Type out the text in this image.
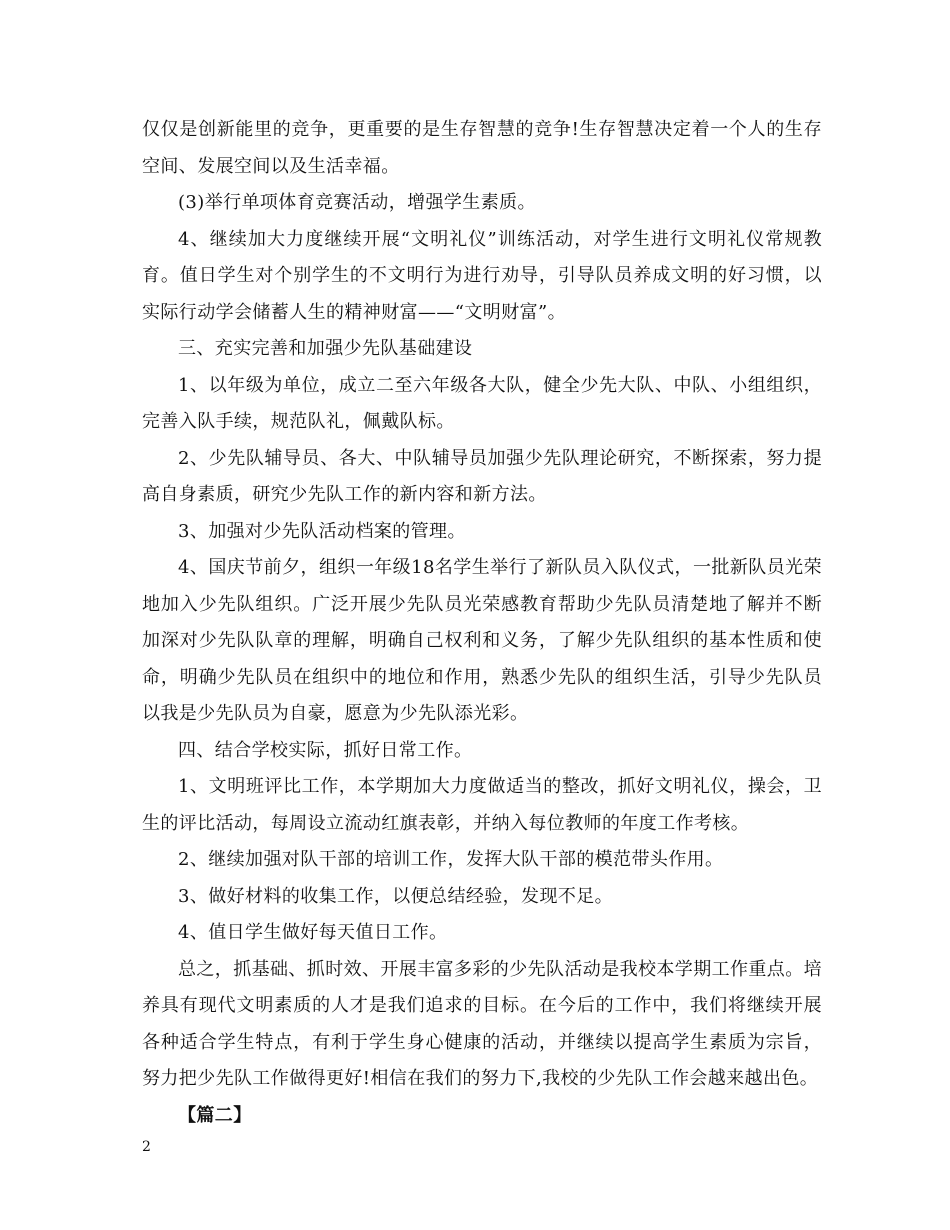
仅仅是创新能里的竞争，更重要的是生存智慧的竞争!生存智慧决定着一个人的生存空间、发展空间以及生活幸福。

(3)举行单项体育竞赛活动，增强学生素质。

4、继续加大力度继续开展“文明礼仪”训练活动，对学生进行文明礼仪常规教育。值日学生对个别学生的不文明行为进行劝导，引导队员养成文明的好习惯，以实际行动学会储蓄人生的精神财富——“文明财富”。

三、充实完善和加强少先队基础建设

1、以年级为单位，成立二至六年级各大队，健全少先大队、中队、小组组织，完善入队手续，规范队礼，佩戴队标。

2、少先队辅导员、各大、中队辅导员加强少先队理论研究，不断探索，努力提高自身素质，研究少先队工作的新内容和新方法。

3、加强对少先队活动档案的管理。

4、国庆节前夕，组织一年级18名学生举行了新队员入队仪式，一批新队员光荣地加入少先队组织。广泛开展少先队员光荣感教育帮助少先队员清楚地了解并不断加深对少先队队章的理解，明确自己权利和义务，了解少先队组织的基本性质和使命，明确少先队员在组织中的地位和作用，熟悉少先队的组织生活，引导少先队员以我是少先队员为自豪，愿意为少先队添光彩。

四、结合学校实际，抓好日常工作。

1、文明班评比工作，本学期加大力度做适当的整改，抓好文明礼仪，操会，卫生的评比活动，每周设立流动红旗表彰，并纳入每位教师的年度工作考核。

2、继续加强对队干部的培训工作，发挥大队干部的模范带头作用。

3、做好材料的收集工作，以便总结经验，发现不足。

4、值日学生做好每天值日工作。

总之，抓基础、抓时效、开展丰富多彩的少先队活动是我校本学期工作重点。培养具有现代文明素质的人才是我们追求的目标。在今后的工作中，我们将继续开展各种适合学生特点，有利于学生身心健康的活动，并继续以提高学生素质为宗旨，努力把少先队工作做得更好!相信在我们的努力下,我校的少先队工作会越来越出色。

【篇二】

2
